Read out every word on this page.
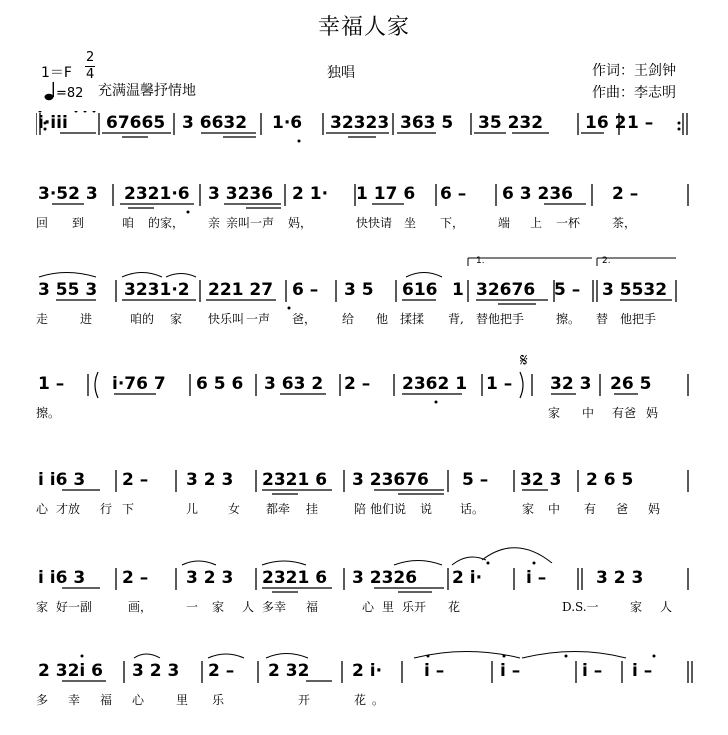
幸福人家
1＝F
2
4
=82 充满温馨抒情地
独唱	作词：王剑钟
作曲：李志明
i·iii 67665 3 6632 1·6 32323 363 5 35 232 16 2 1 –
3·52 3 2321·6 3 3236 2 1· 1 17 6 6 – 6 3 236 2 –
回 到	咱 的家， 亲 亲叫一声 妈，	快快请 坐 下，	端 上 一杯	茶，
1.	2.
3 55 3 3231·2 221 27 6 – 3 5 616 1 32676 5 – 3 5532
走	进	咱的 家 快乐叫 一声 爸， 给 他 揉揉 背, 替他把手	擦。 替 他把手
𝄋
1 –	i·76 7 6 5 6 3 63 2 2 – 2362 1 1 – 32 3 26 5
擦。	家 中 有爸 妈
i i6 3 2 – 3 2 3 2321 6 3 23676 5 – 32 3 2 6 5
心 才放 行 下	儿 女 都牵 挂	陪 他们说 说 话。	家 中 有 爸 妈
i i6 3 2 – 3 2 3 2321 6 3 2326 2 i·	i –	3 2 3
家 好一副	画，	一 家 人 多幸 福	心 里 乐开 花	D.S.一	家 人
2 32i 6 3 2 3 2 – 2 32	2 i· i –	i –	i – i –
多 幸 福 心	里 乐	开	花 。
